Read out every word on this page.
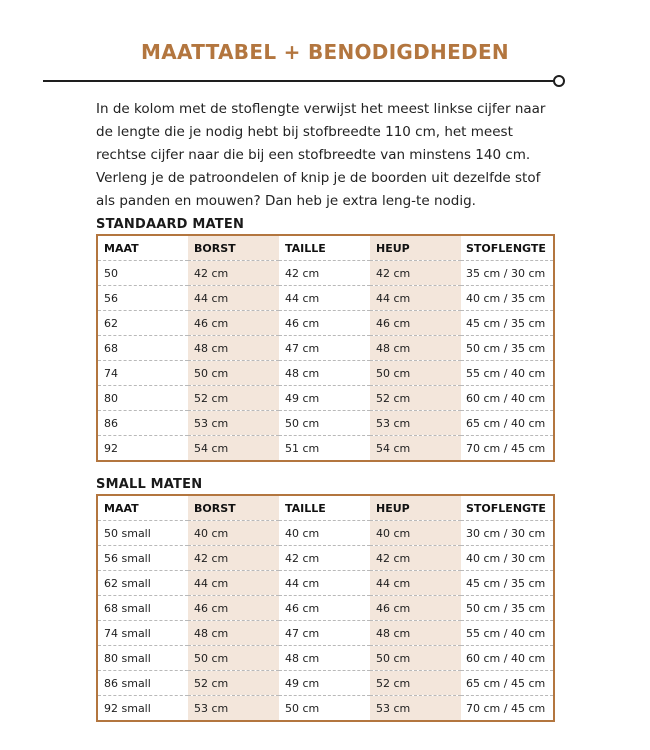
MAATTABEL + BENODIGDHEDEN

In de kolom met de stoflengte verwijst het meest linkse cijfer naar de lengte die je nodig hebt bij stofbreedte 110 cm, het meest rechtse cijfer naar die bij een stofbreedte van minstens 140 cm. Verleng je de patroondelen of knip je de boorden uit dezelfde stof als panden en mouwen? Dan heb je extra leng-te nodig.

STANDAARD MATEN
MAAT	BORST	TAILLE	HEUP	STOFLENGTE
50	42 cm	42 cm	42 cm	35 cm / 30 cm
56	44 cm	44 cm	44 cm	40 cm / 35 cm
62	46 cm	46 cm	46 cm	45 cm / 35 cm
68	48 cm	47 cm	48 cm	50 cm / 35 cm
74	50 cm	48 cm	50 cm	55 cm / 40 cm
80	52 cm	49 cm	52 cm	60 cm / 40 cm
86	53 cm	50 cm	53 cm	65 cm / 40 cm
92	54 cm	51 cm	54 cm	70 cm / 45 cm
SMALL MATEN
MAAT	BORST	TAILLE	HEUP	STOFLENGTE
50 small	40 cm	40 cm	40 cm	30 cm / 30 cm
56 small	42 cm	42 cm	42 cm	40 cm / 30 cm
62 small	44 cm	44 cm	44 cm	45 cm / 35 cm
68 small	46 cm	46 cm	46 cm	50 cm / 35 cm
74 small	48 cm	47 cm	48 cm	55 cm / 40 cm
80 small	50 cm	48 cm	50 cm	60 cm / 40 cm
86 small	52 cm	49 cm	52 cm	65 cm / 45 cm
92 small	53 cm	50 cm	53 cm	70 cm / 45 cm
